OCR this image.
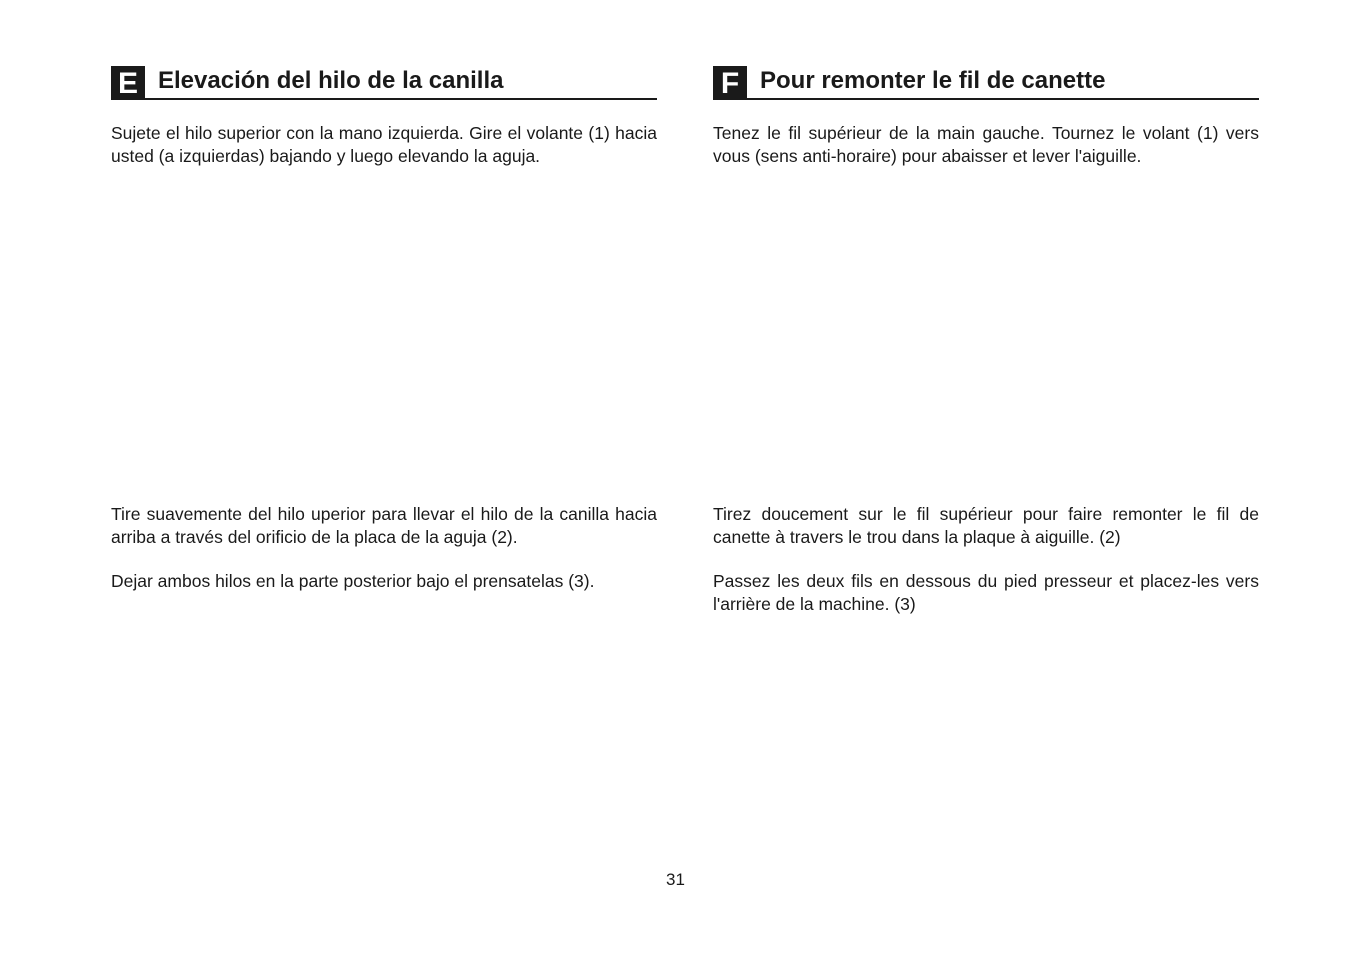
E Elevación del hilo de la canilla

Sujete el hilo superior con la mano izquierda. Gire el volante (1) hacia usted (a izquierdas) bajando y luego elevando la aguja.

Tire suavemente del hilo uperior para llevar el hilo de la canilla hacia arriba a través del orificio de la placa de la aguja (2).

Dejar ambos hilos en la parte posterior bajo el prensatelas (3).

F Pour remonter le fil de canette

Tenez le fil supérieur de la main gauche. Tournez le volant (1) vers vous (sens anti-horaire) pour abaisser et lever l'aiguille.

Tirez doucement sur le fil supérieur pour faire remonter le fil de canette à travers le trou dans la plaque à aiguille. (2)

Passez les deux fils en dessous du pied presseur et placez-les vers l'arrière de la machine. (3)

31
